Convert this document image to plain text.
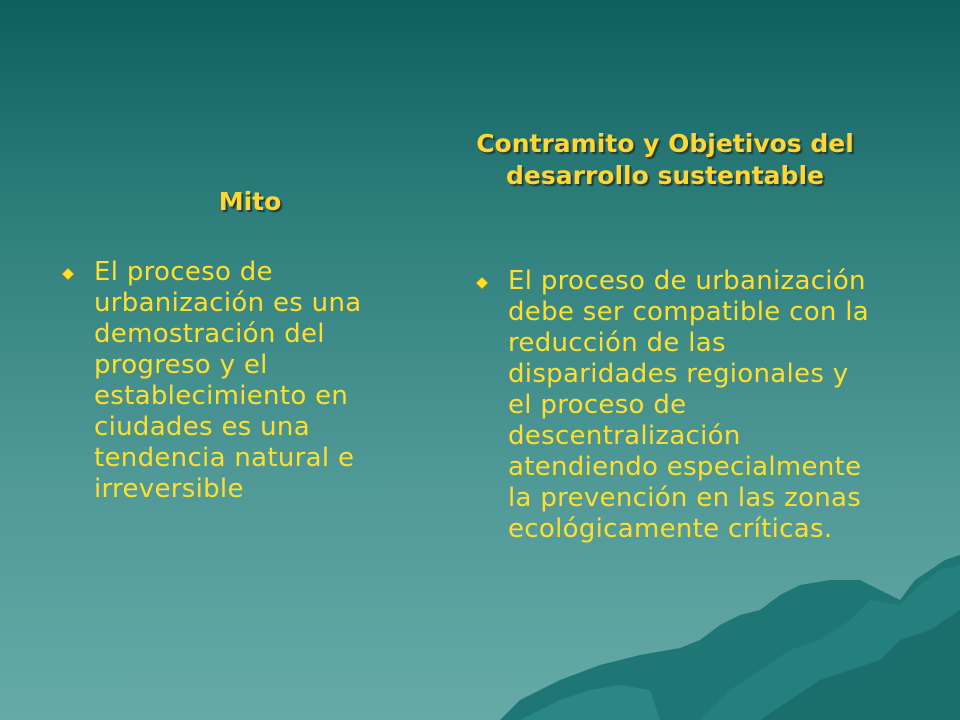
Mito
Contramito y Objetivos del desarrollo sustentable
El proceso de urbanización es una demostración del progreso y el establecimiento en ciudades es una tendencia natural e irreversible
El proceso de urbanización debe ser compatible con la reducción de las disparidades regionales y el proceso de descentralización atendiendo especialmente la prevención en las zonas ecológicamente críticas.
